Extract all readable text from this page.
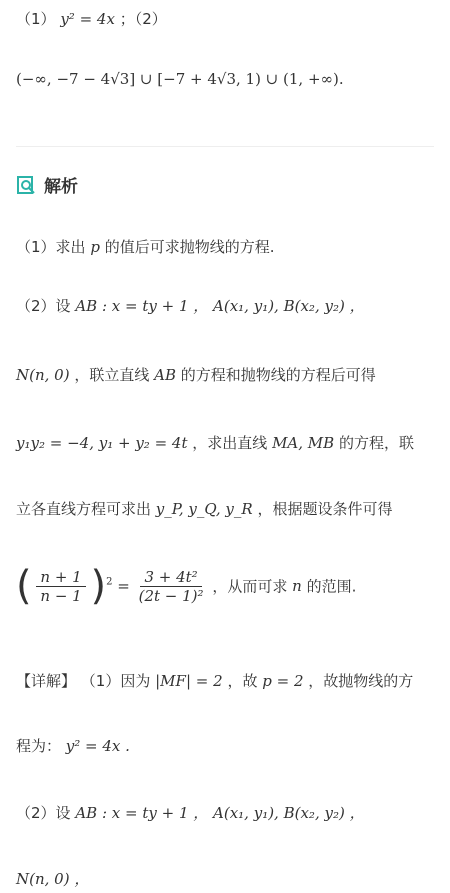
（1） y² = 4x ；（2）
(−∞, −7 − 4√3] ∪ [−7 + 4√3, 1) ∪ (1, +∞).
解析
（1）求出 p 的值后可求抛物线的方程.
（2）设 AB : x = ty + 1 ， A(x₁, y₁), B(x₂, y₂) ，
N(n, 0) ，联立直线 AB 的方程和抛物线的方程后可得
y₁y₂ = −4, y₁ + y₂ = 4t ，求出直线 MA, MB 的方程，联
立各直线方程可求出 y_P, y_Q, y_R ，根据题设条件可得
( $\frac{n + 1}{n - 1} )^2 = \frac{\text{3 + 4t²}}{\text{(2t − 1)²}}$ ，从而可求 n 的范围.
【详解】 （1）因为 |MF| = 2 ，故 p = 2 ，故抛物线的方
程为： y² = 4x .
（2）设 AB : x = ty + 1 ， A(x₁, y₁), B(x₂, y₂) ，
N(n, 0) ，
